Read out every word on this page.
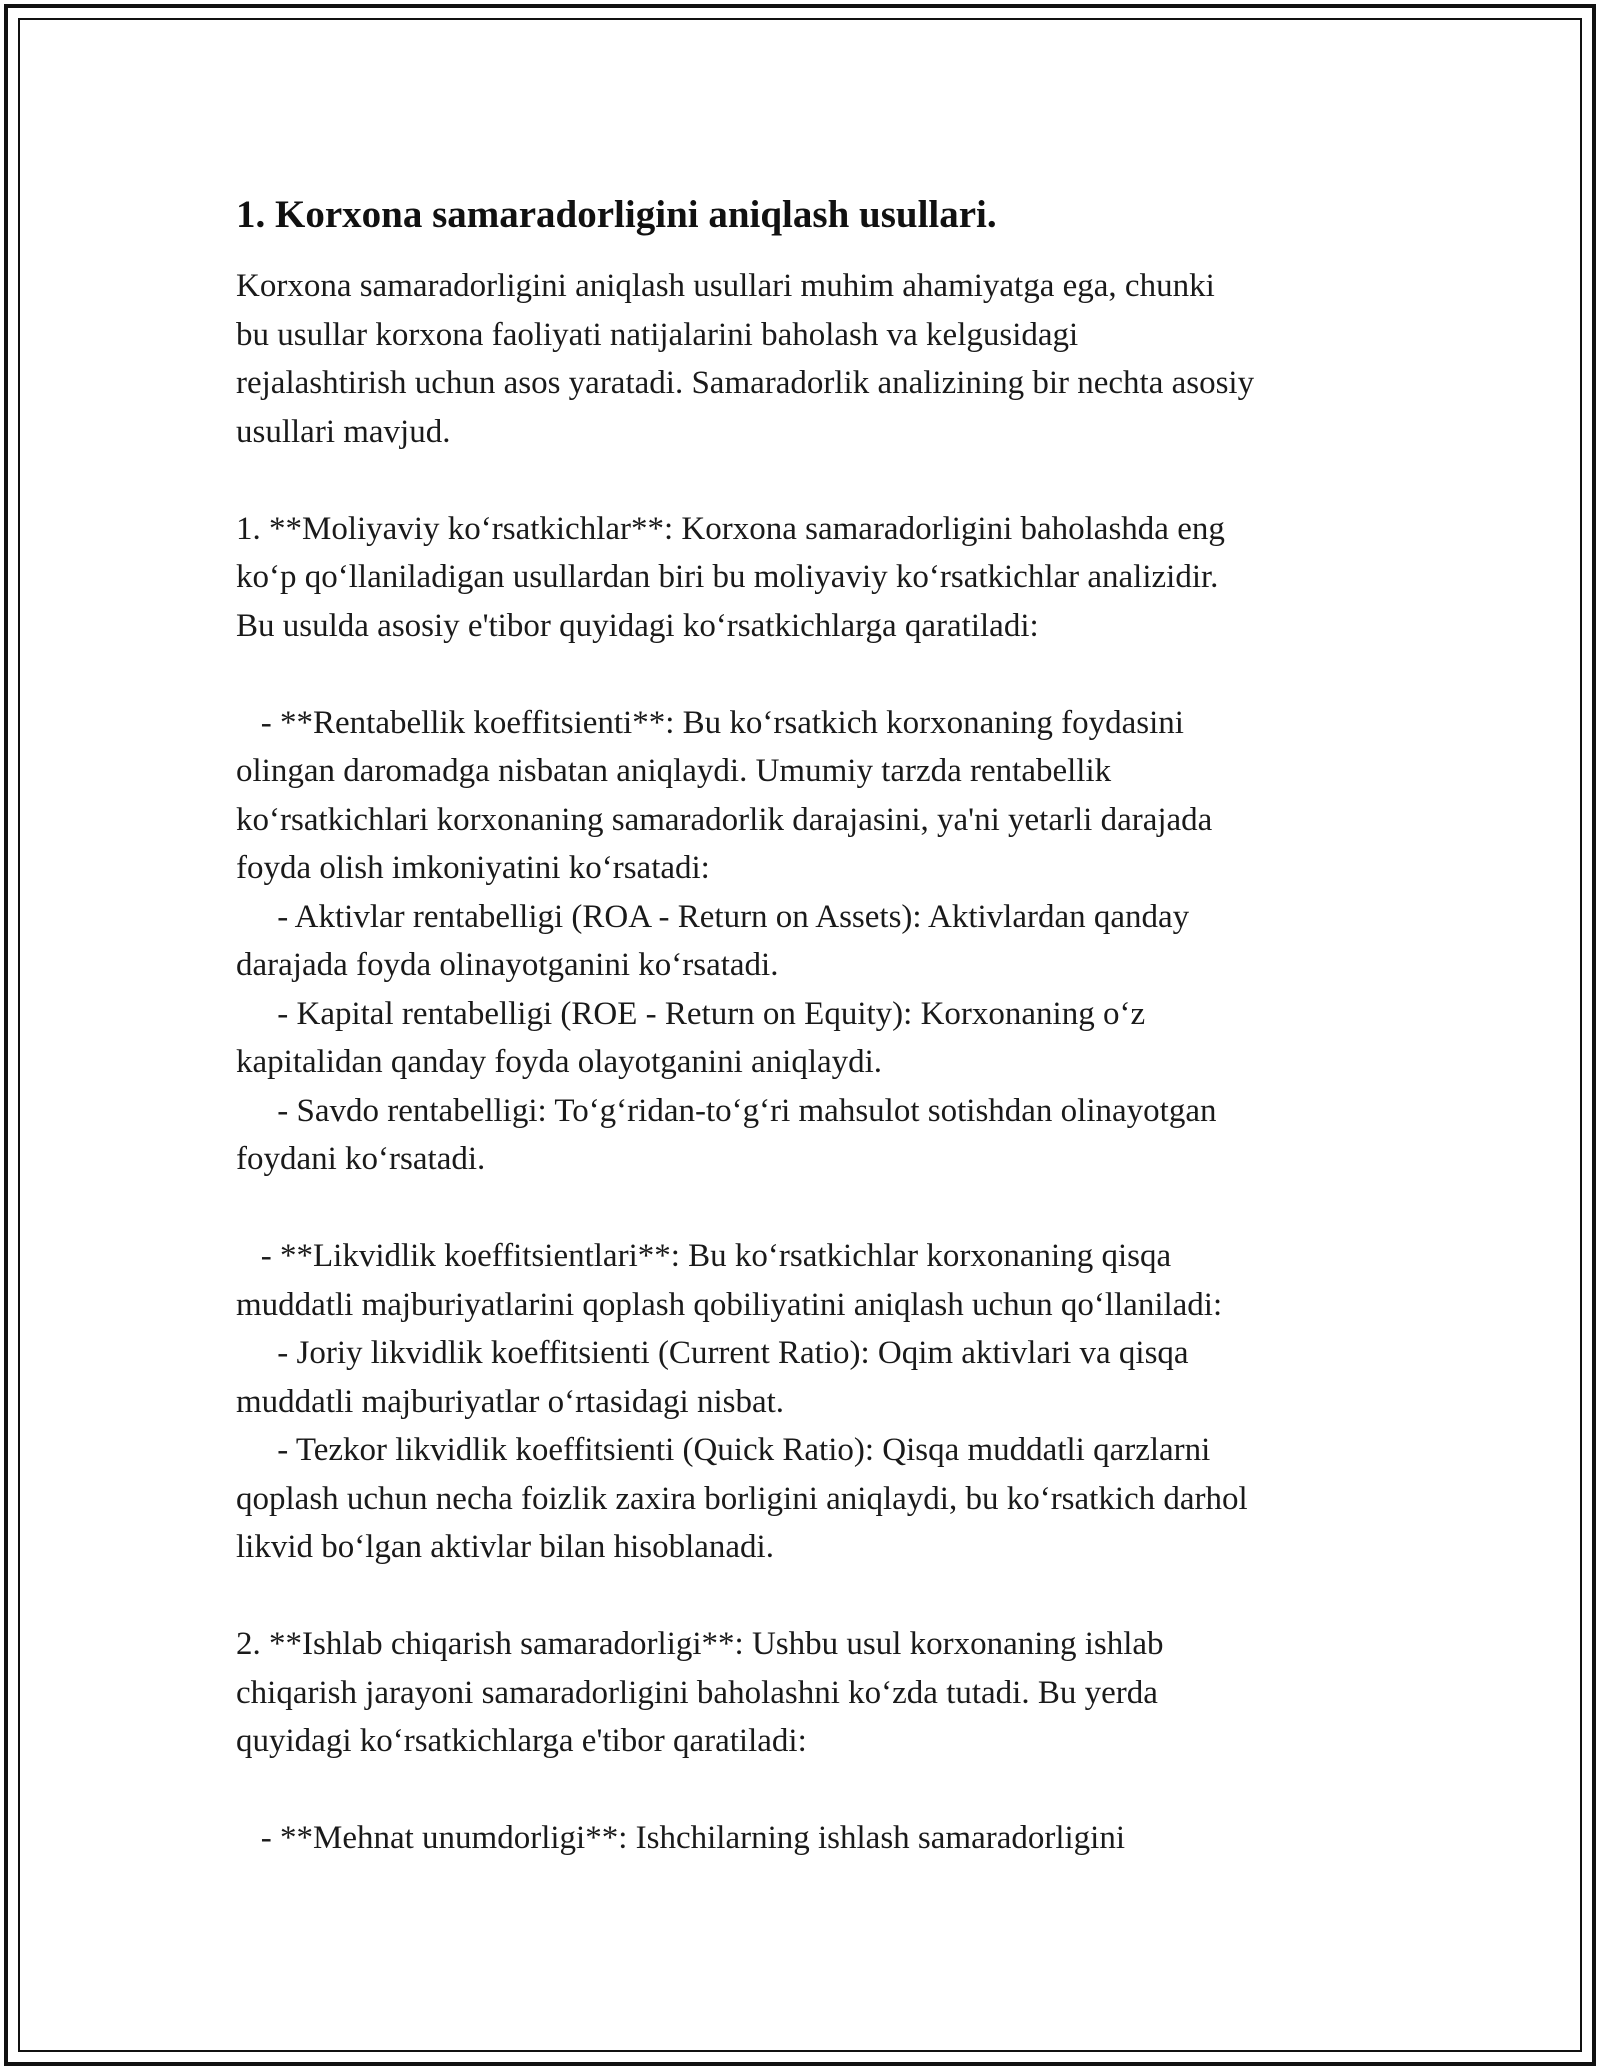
1. Korxona samaradorligini aniqlash usullari.

Korxona samaradorligini aniqlash usullari muhim ahamiyatga ega, chunki
bu usullar korxona faoliyati natijalarini baholash va kelgusidagi
rejalashtirish uchun asos yaratadi. Samaradorlik analizining bir nechta asosiy
usullari mavjud.

1. **Moliyaviy koʻrsatkichlar**: Korxona samaradorligini baholashda eng
koʻp qoʻllaniladigan usullardan biri bu moliyaviy koʻrsatkichlar analizidir.
Bu usulda asosiy e'tibor quyidagi koʻrsatkichlarga qaratiladi:

- **Rentabellik koeffitsienti**: Bu koʻrsatkich korxonaning foydasini
olingan daromadga nisbatan aniqlaydi. Umumiy tarzda rentabellik
koʻrsatkichlari korxonaning samaradorlik darajasini, ya'ni yetarli darajada
foyda olish imkoniyatini koʻrsatadi:
- Aktivlar rentabelligi (ROA - Return on Assets): Aktivlardan qanday
darajada foyda olinayotganini koʻrsatadi.
- Kapital rentabelligi (ROE - Return on Equity): Korxonaning oʻz
kapitalidan qanday foyda olayotganini aniqlaydi.
- Savdo rentabelligi: Toʻgʻridan-toʻgʻri mahsulot sotishdan olinayotgan
foydani koʻrsatadi.

- **Likvidlik koeffitsientlari**: Bu koʻrsatkichlar korxonaning qisqa
muddatli majburiyatlarini qoplash qobiliyatini aniqlash uchun qoʻllaniladi:
- Joriy likvidlik koeffitsienti (Current Ratio): Oqim aktivlari va qisqa
muddatli majburiyatlar oʻrtasidagi nisbat.
- Tezkor likvidlik koeffitsienti (Quick Ratio): Qisqa muddatli qarzlarni
qoplash uchun necha foizlik zaxira borligini aniqlaydi, bu koʻrsatkich darhol
likvid boʻlgan aktivlar bilan hisoblanadi.

2. **Ishlab chiqarish samaradorligi**: Ushbu usul korxonaning ishlab
chiqarish jarayoni samaradorligini baholashni koʻzda tutadi. Bu yerda
quyidagi koʻrsatkichlarga e'tibor qaratiladi:

- **Mehnat unumdorligi**: Ishchilarning ishlash samaradorligini
